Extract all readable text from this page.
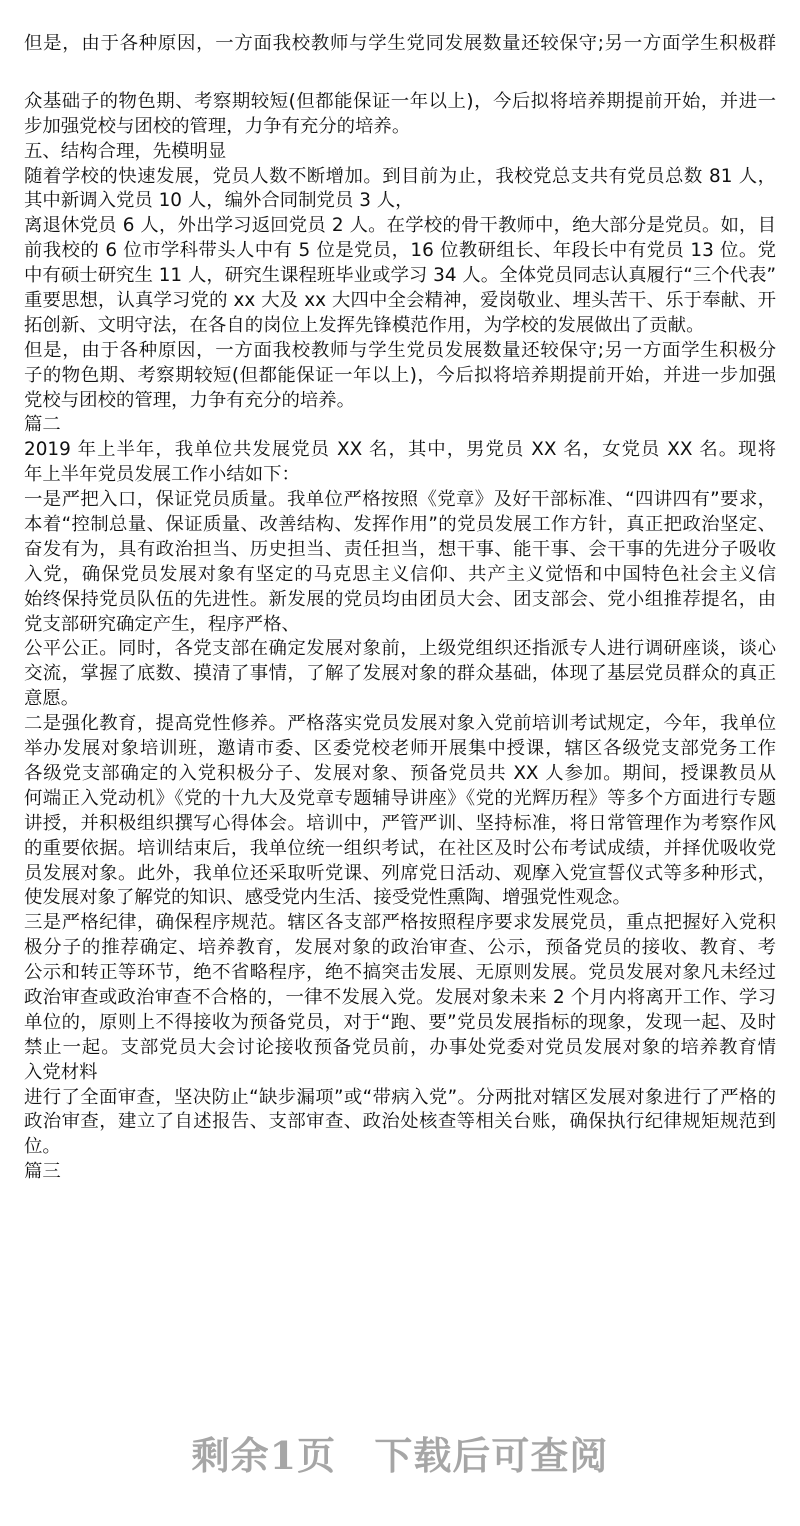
但是，由于各种原因，一方面我校教师与学生党同发展数量还较保守;另一方面学生积极群
众基础子的物色期、考察期较短(但都能保证一年以上)，今后拟将培养期提前开始，并进一
步加强党校与团校的管理，力争有充分的培养。
五、结构合理，先模明显
随着学校的快速发展，党员人数不断增加。到目前为止，我校党总支共有党员总数 81 人，
其中新调入党员 10 人，编外合同制党员 3 人，
离退休党员 6 人，外出学习返回党员 2 人。在学校的骨干教师中，绝大部分是党员。如，目
前我校的 6 位市学科带头人中有 5 位是党员，16 位教研组长、年段长中有党员 13 位。党
中有硕士研究生 11 人，研究生课程班毕业或学习 34 人。全体党员同志认真履行“三个代表”
重要思想，认真学习党的 xx 大及 xx 大四中全会精神，爱岗敬业、埋头苦干、乐于奉献、开
拓创新、文明守法，在各自的岗位上发挥先锋模范作用，为学校的发展做出了贡献。
但是，由于各种原因，一方面我校教师与学生党员发展数量还较保守;另一方面学生积极分
子的物色期、考察期较短(但都能保证一年以上)，今后拟将培养期提前开始，并进一步加强
党校与团校的管理，力争有充分的培养。
篇二
2019 年上半年，我单位共发展党员 XX 名，其中，男党员 XX 名，女党员 XX 名。现将
年上半年党员发展工作小结如下：
一是严把入口，保证党员质量。我单位严格按照《党章》及好干部标准、“四讲四有”要求，
本着“控制总量、保证质量、改善结构、发挥作用”的党员发展工作方针，真正把政治坚定、
奋发有为，具有政治担当、历史担当、责任担当，想干事、能干事、会干事的先进分子吸收
入党，确保党员发展对象有坚定的马克思主义信仰、共产主义觉悟和中国特色社会主义信
始终保持党员队伍的先进性。新发展的党员均由团员大会、团支部会、党小组推荐提名，由
党支部研究确定产生，程序严格、
公平公正。同时，各党支部在确定发展对象前，上级党组织还指派专人进行调研座谈，谈心
交流，掌握了底数、摸清了事情，了解了发展对象的群众基础，体现了基层党员群众的真正
意愿。
二是强化教育，提高党性修养。严格落实党员发展对象入党前培训考试规定，今年，我单位
举办发展对象培训班，邀请市委、区委党校老师开展集中授课，辖区各级党支部党务工作
各级党支部确定的入党积极分子、发展对象、预备党员共 XX 人参加。期间，授课教员从
何端正入党动机》《党的十九大及党章专题辅导讲座》《党的光辉历程》等多个方面进行专题
讲授，并积极组织撰写心得体会。培训中，严管严训、坚持标准，将日常管理作为考察作风
的重要依据。培训结束后，我单位统一组织考试，在社区及时公布考试成绩，并择优吸收党
员发展对象。此外，我单位还采取听党课、列席党日活动、观摩入党宣誓仪式等多种形式，
使发展对象了解党的知识、感受党内生活、接受党性熏陶、增强党性观念。
三是严格纪律，确保程序规范。辖区各支部严格按照程序要求发展党员，重点把握好入党积
极分子的推荐确定、培养教育，发展对象的政治审查、公示，预备党员的接收、教育、考
公示和转正等环节，绝不省略程序，绝不搞突击发展、无原则发展。党员发展对象凡未经过
政治审查或政治审查不合格的，一律不发展入党。发展对象未来 2 个月内将离开工作、学习
单位的，原则上不得接收为预备党员，对于“跑、要”党员发展指标的现象，发现一起、及时
禁止一起。支部党员大会讨论接收预备党员前，办事处党委对党员发展对象的培养教育情
入党材料
进行了全面审查，坚决防止“缺步漏项”或“带病入党”。分两批对辖区发展对象进行了严格的
政治审查，建立了自述报告、支部审查、政治处核查等相关台账，确保执行纪律规矩规范到
位。
篇三
剩余1页 下载后可查阅
